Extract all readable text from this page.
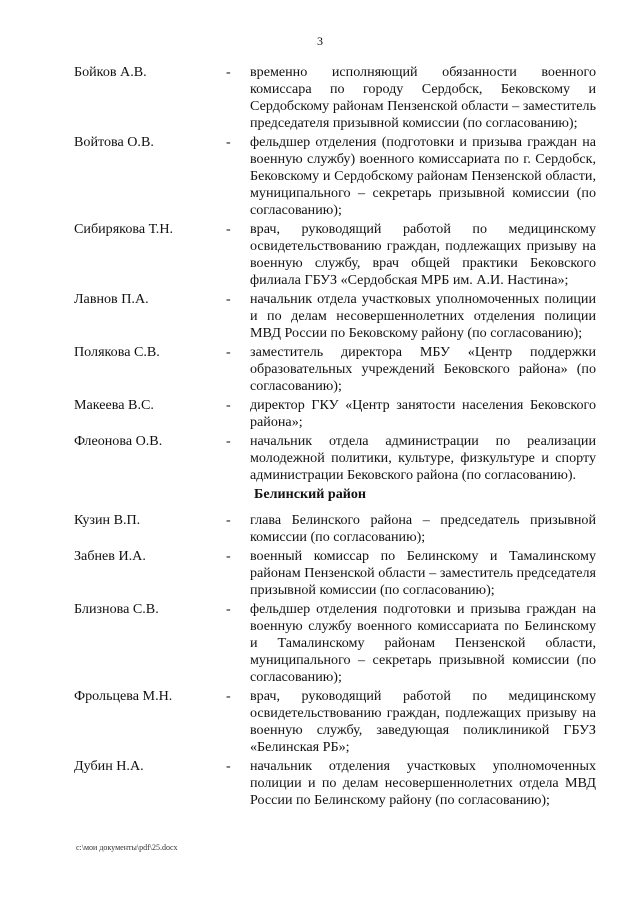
3
Бойков А.В.	-	временно исполняющий обязанности военного комиссара по городу Сердобск, Бековскому и Сердобскому районам Пензенской области – заместитель председателя призывной комиссии (по согласованию);
Войтова О.В.	-	фельдшер отделения (подготовки и призыва граждан на военную службу) военного комиссариата по г. Сердобск, Бековскому и Сердобскому районам Пензенской области, муниципального – секретарь призывной комиссии (по согласованию);
Сибирякова Т.Н.	-	врач, руководящий работой по медицинскому освидетельствованию граждан, подлежащих призыву на военную службу, врач общей практики Бековского филиала ГБУЗ «Сердобская МРБ им. А.И. Настина»;
Лавнов П.А.	-	начальник отдела участковых уполномоченных полиции и по делам несовершеннолетних отделения полиции МВД России по Бековскому району (по согласованию);
Полякова С.В.	-	заместитель директора МБУ «Центр поддержки образовательных учреждений Бековского района» (по согласованию);
Макеева В.С.	-	директор ГКУ «Центр занятости населения Бековского района»;
Флеонова О.В.	-	начальник отдела администрации по реализации молодежной политики, культуре, физкультуре и спорту администрации Бековского района (по согласованию).
Белинский район
Кузин В.П.	-	глава Белинского района – председатель призывной комиссии (по согласованию);
Забнев И.А.	-	военный комиссар по Белинскому и Тамалинскому районам Пензенской области – заместитель председателя призывной комиссии (по согласованию);
Близнова С.В.	-	фельдшер отделения подготовки и призыва граждан на военную службу военного комиссариата по Белинскому и Тамалинскому районам Пензенской области, муниципального – секретарь призывной комиссии (по согласованию);
Фрольцева М.Н.	-	врач, руководящий работой по медицинскому освидетельствованию граждан, подлежащих призыву на военную службу, заведующая поликлиникой ГБУЗ «Белинская РБ»;
Дубин Н.А.	-	начальник отделения участковых уполномоченных полиции и по делам несовершеннолетних отдела МВД России по Белинскому району (по согласованию);
c:\мои документы\pdf\25.docx
